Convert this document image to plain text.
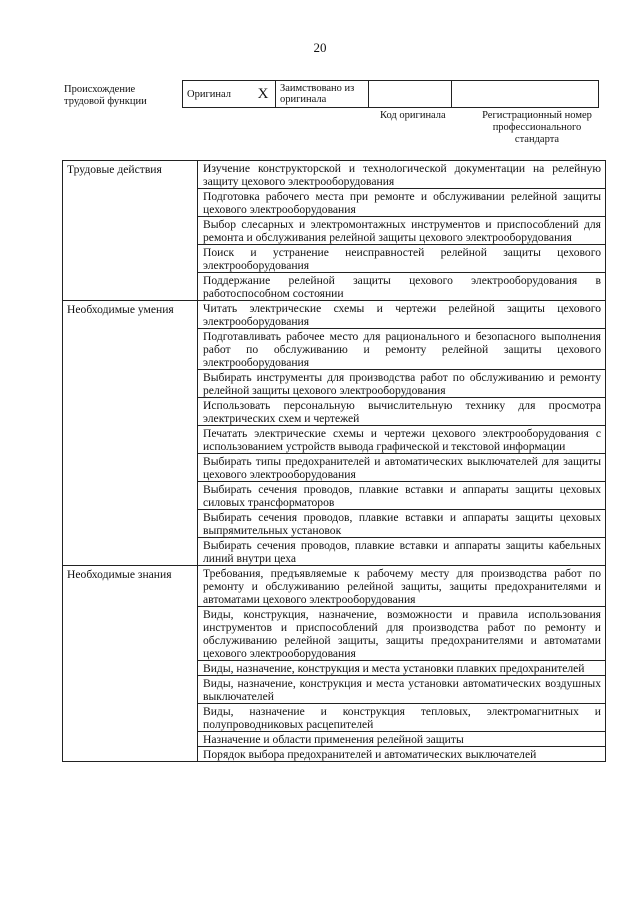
20
Происхождение трудовой функции
Оригинал	X	Заимствовано из оригинала		
Код оригинала	Регистрационный номер профессионального стандарта
Трудовые действия	Изучение конструкторской и технологической документации на релейную защиту цехового электрооборудования
	Подготовка рабочего места при ремонте и обслуживании релейной защиты цехового электрооборудования
	Выбор слесарных и электромонтажных инструментов и приспособлений для ремонта и обслуживания релейной защиты цехового электрооборудования
	Поиск и устранение неисправностей релейной защиты цехового электрооборудования
	Поддержание релейной защиты цехового электрооборудования в работоспособном состоянии
Необходимые умения	Читать электрические схемы и чертежи релейной защиты цехового электрооборудования
	Подготавливать рабочее место для рационального и безопасного выполнения работ по обслуживанию и ремонту релейной защиты цехового электрооборудования
	Выбирать инструменты для производства работ по обслуживанию и ремонту релейной защиты цехового электрооборудования
	Использовать персональную вычислительную технику для просмотра электрических схем и чертежей
	Печатать электрические схемы и чертежи цехового электрооборудования с использованием устройств вывода графической и текстовой информации
	Выбирать типы предохранителей и автоматических выключателей для защиты цехового электрооборудования
	Выбирать сечения проводов, плавкие вставки и аппараты защиты цеховых силовых трансформаторов
	Выбирать сечения проводов, плавкие вставки и аппараты защиты цеховых выпрямительных установок
	Выбирать сечения проводов, плавкие вставки и аппараты защиты кабельных линий внутри цеха
Необходимые знания	Требования, предъявляемые к рабочему месту для производства работ по ремонту и обслуживанию релейной защиты, защиты предохранителями и автоматами цехового электрооборудования
	Виды, конструкция, назначение, возможности и правила использования инструментов и приспособлений для производства работ по ремонту и обслуживанию релейной защиты, защиты предохранителями и автоматами цехового электрооборудования
	Виды, назначение, конструкция и места установки плавких предохранителей
	Виды, назначение, конструкция и места установки автоматических воздушных выключателей
	Виды, назначение и конструкция тепловых, электромагнитных и полупроводниковых расцепителей
	Назначение и области применения релейной защиты
	Порядок выбора предохранителей и автоматических выключателей
